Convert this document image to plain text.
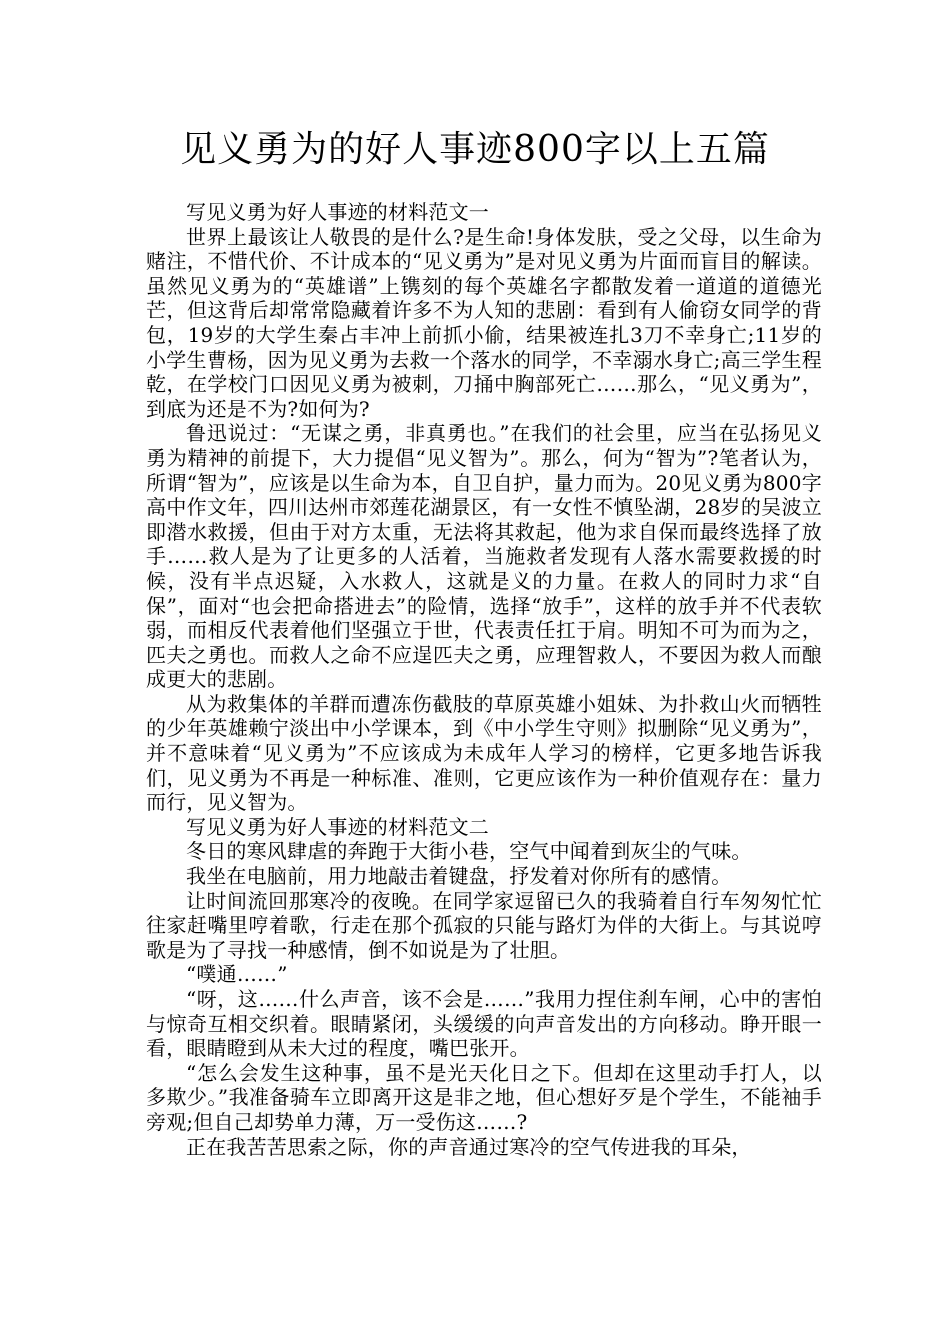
见义勇为的好人事迹800字以上五篇

写见义勇为好人事迹的材料范文一

世界上最该让人敬畏的是什么?是生命!身体发肤，受之父母，以生命为赌注，不惜代价、不计成本的“见义勇为”是对见义勇为片面而盲目的解读。虽然见义勇为的“英雄谱”上镌刻的每个英雄名字都散发着一道道的道德光芒，但这背后却常常隐藏着许多不为人知的悲剧：看到有人偷窃女同学的背包，19岁的大学生秦占丰冲上前抓小偷，结果被连扎3刀不幸身亡;11岁的小学生曹杨，因为见义勇为去救一个落水的同学，不幸溺水身亡;高三学生程乾，在学校门口因见义勇为被刺，刀捅中胸部死亡……那么，“见义勇为”，到底为还是不为?如何为?

鲁迅说过：“无谋之勇，非真勇也。”在我们的社会里，应当在弘扬见义勇为精神的前提下，大力提倡“见义智为”。那么，何为“智为”?笔者认为，所谓“智为”，应该是以生命为本，自卫自护，量力而为。20见义勇为800字高中作文年，四川达州市郊莲花湖景区，有一女性不慎坠湖，28岁的吴波立即潜水救援，但由于对方太重，无法将其救起，他为求自保而最终选择了放手……救人是为了让更多的人活着，当施救者发现有人落水需要救援的时候，没有半点迟疑，入水救人，这就是义的力量。在救人的同时力求“自保”，面对“也会把命搭进去”的险情，选择“放手”，这样的放手并不代表软弱，而相反代表着他们坚强立于世，代表责任扛于肩。明知不可为而为之，匹夫之勇也。而救人之命不应逞匹夫之勇，应理智救人，不要因为救人而酿成更大的悲剧。

从为救集体的羊群而遭冻伤截肢的草原英雄小姐妹、为扑救山火而牺牲的少年英雄赖宁淡出中小学课本，到《中小学生守则》拟删除“见义勇为”，并不意味着“见义勇为”不应该成为未成年人学习的榜样，它更多地告诉我们，见义勇为不再是一种标准、准则，它更应该作为一种价值观存在：量力而行，见义智为。

写见义勇为好人事迹的材料范文二

冬日的寒风肆虐的奔跑于大街小巷，空气中闻着到灰尘的气味。

我坐在电脑前，用力地敲击着键盘，抒发着对你所有的感情。

让时间流回那寒冷的夜晚。在同学家逗留已久的我骑着自行车匆匆忙忙往家赶嘴里哼着歌，行走在那个孤寂的只能与路灯为伴的大街上。与其说哼歌是为了寻找一种感情，倒不如说是为了壮胆。

“噗通……”

“呀，这……什么声音，该不会是……”我用力捏住刹车闸，心中的害怕与惊奇互相交织着。眼睛紧闭，头缓缓的向声音发出的方向移动。睁开眼一看，眼睛瞪到从未大过的程度，嘴巴张开。

“怎么会发生这种事，虽不是光天化日之下。但却在这里动手打人，以多欺少。”我准备骑车立即离开这是非之地，但心想好歹是个学生，不能袖手旁观;但自己却势单力薄，万一受伤这……?

正在我苦苦思索之际，你的声音通过寒冷的空气传进我的耳朵，
